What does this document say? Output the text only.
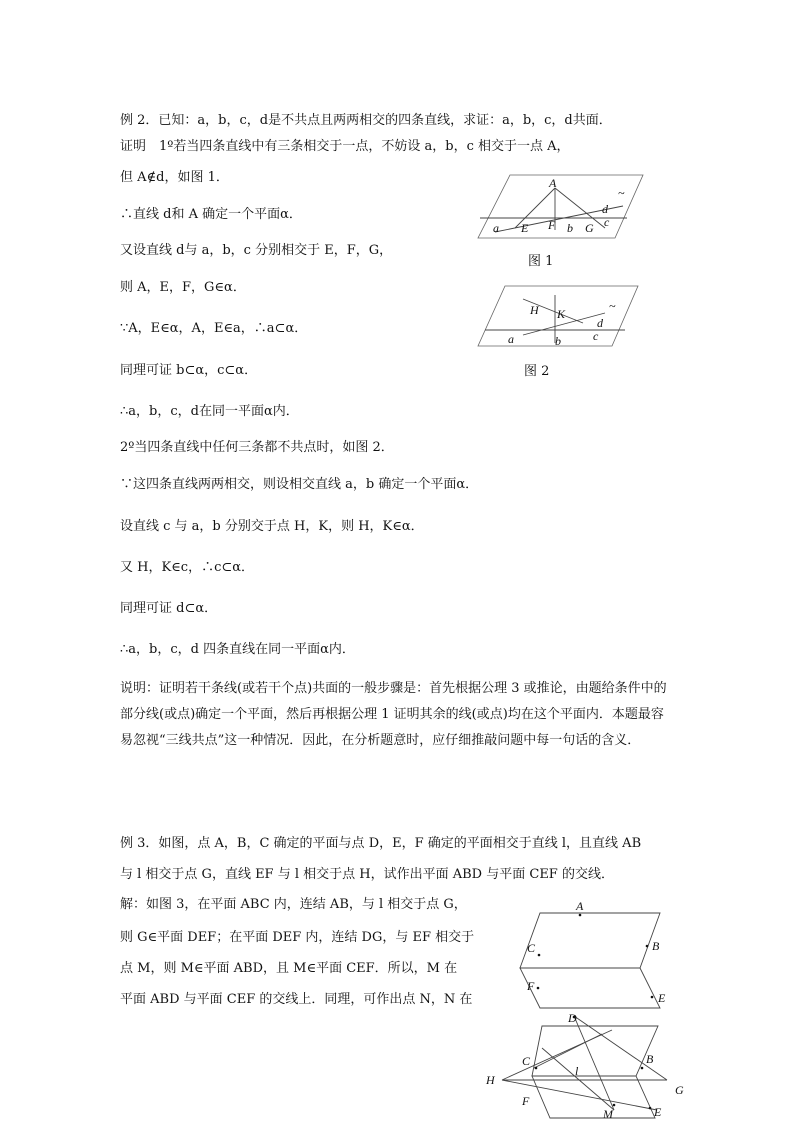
例 2．已知：a，b，c，d是不共点且两两相交的四条直线，求证：a，b，c，d共面．
证明　1º若当四条直线中有三条相交于一点，不妨设 a，b，c 相交于一点 A，
但 A∉d，如图 1．
∴直线 d和 A 确定一个平面α．
又设直线 d与 a，b，c 分别相交于 E，F，G，
则 A，E，F，G∈α．
∵A，E∈α，A，E∈a，∴a⊂α．
同理可证 b⊂α，c⊂α．
∴a，b，c，d在同一平面α内．
2º当四条直线中任何三条都不共点时，如图 2．
∵这四条直线两两相交，则设相交直线 a，b 确定一个平面α．
设直线 c 与 a，b 分别交于点 H，K，则 H，K∈α．
又 H，K∈c，∴c⊂α．
同理可证 d⊂α．
∴a，b，c，d 四条直线在同一平面α内．
说明：证明若干条线(或若干个点)共面的一般步骤是：首先根据公理 3 或推论，由题给条件中的部分线(或点)确定一个平面，然后再根据公理 1 证明其余的线(或点)均在这个平面内．本题最容易忽视“三线共点”这一种情况．因此，在分析题意时，应仔细推敲问题中每一句话的含义．
A
a E F b G c
d
~
图 1
H K
a	b	c
d
~
图 2
例 3．如图，点 A，B，C 确定的平面与点 D，E，F 确定的平面相交于直线 l，且直线 AB
与 l 相交于点 G，直线 EF 与 l 相交于点 H，试作出平面 ABD 与平面 CEF 的交线．
解：如图 3，在平面 ABC 内，连结 AB，与 l 相交于点 G，
则 G∈平面 DEF；在平面 DEF 内，连结 DG，与 EF 相交于
点 M，则 M∈平面 ABD，且 M∈平面 CEF．所以，M 在
平面 ABD 与平面 CEF 的交线上．同理，可作出点 N，N 在
A
B
C
F
E
D
B
C
H
G
l
F
M	E
